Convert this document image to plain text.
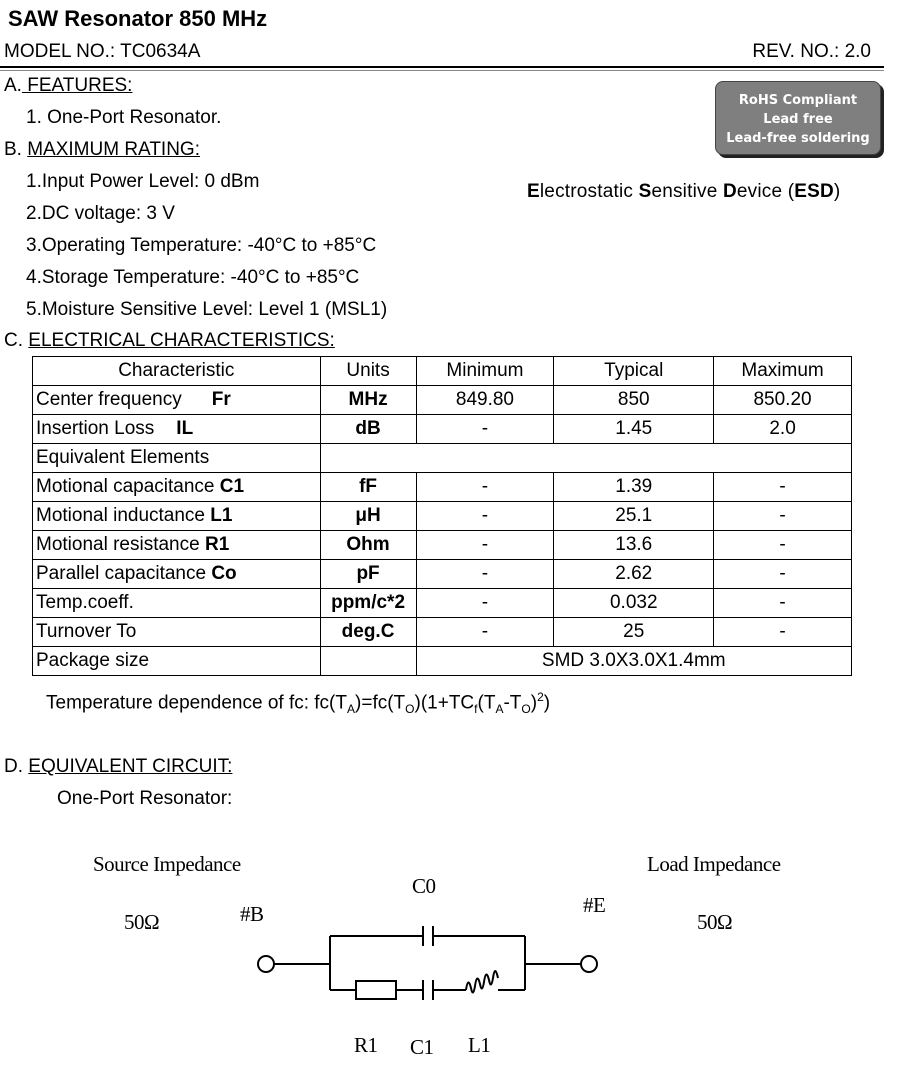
SAW Resonator 850 MHz
MODEL NO.: TC0634A	REV. NO.: 2.0
RoHS Compliant
Lead free
Lead-free soldering
Electrostatic Sensitive Device (ESD)
A. FEATURES:
1. One-Port Resonator.
B. MAXIMUM RATING:
1.Input Power Level: 0 dBm
2.DC voltage: 3 V
3.Operating Temperature: -40°C to +85°C
4.Storage Temperature: -40°C to +85°C
5.Moisture Sensitive Level: Level 1 (MSL1)
C. ELECTRICAL CHARACTERISTICS:
Characteristic	Units	Minimum	Typical	Maximum
Center frequency Fr	MHz	849.80	850	850.20
Insertion Loss IL	dB	-	1.45	2.0
Equivalent Elements				
Motional capacitance C1	fF	-	1.39	-
Motional inductance L1	μH	-	25.1	-
Motional resistance R1	Ohm	-	13.6	-
Parallel capacitance Co	pF	-	2.62	-
Temp.coeff.	ppm/c*2	-	0.032	-
Turnover To	deg.C	-	25	-
Package size		SMD 3.0X3.0X1.4mm		
Temperature dependence of fc: $fc(T_A)=fc(T_O)(1+TC_f(T_A-T_O)^2)$
D. EQUIVALENT CIRCUIT:
One-Port Resonator:
Source Impedance	Load Impedance
50Ω	50Ω
#B	#E
C0
R1 C1 L1
